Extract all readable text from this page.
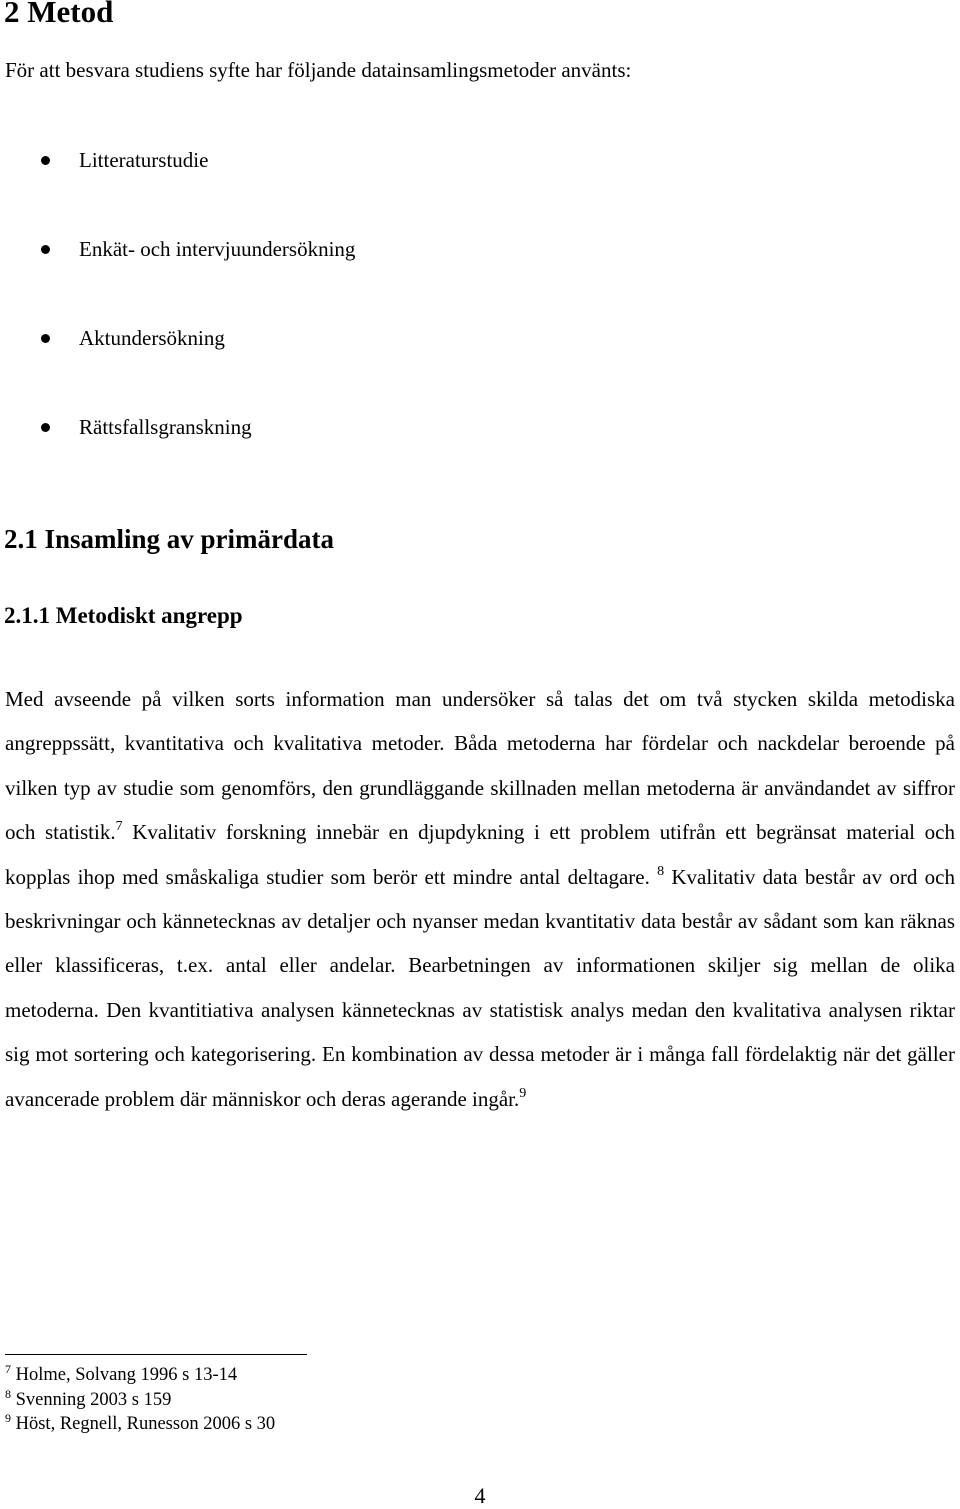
2 Metod

För att besvara studiens syfte har följande datainsamlingsmetoder använts:

Litteraturstudie
Enkät- och intervjuundersökning
Aktundersökning
Rättsfallsgranskning
2.1 Insamling av primärdata
2.1.1 Metodiskt angrepp

Med avseende på vilken sorts information man undersöker så talas det om två stycken skilda metodiska angreppssätt, kvantitativa och kvalitativa metoder. Båda metoderna har fördelar och nackdelar beroende på vilken typ av studie som genomförs, den grundläggande skillnaden mellan metoderna är användandet av siffror och statistik.$^7$ Kvalitativ forskning innebär en djupdykning i ett problem utifrån ett begränsat material och kopplas ihop med småskaliga studier som berör ett mindre antal deltagare. $^8$ Kvalitativ data består av ord och beskrivningar och kännetecknas av detaljer och nyanser medan kvantitativ data består av sådant som kan räknas eller klassificeras, t.ex. antal eller andelar. Bearbetningen av informationen skiljer sig mellan de olika metoderna. Den kvantitiativa analysen kännetecknas av statistisk analys medan den kvalitativa analysen riktar sig mot sortering och kategorisering. En kombination av dessa metoder är i många fall fördelaktig när det gäller avancerade problem där människor och deras agerande ingår.$^9$

$^7$ Holme, Solvang 1996 s 13-14
$^8$ Svenning 2003 s 159
$^9$ Höst, Regnell, Runesson 2006 s 30
4
